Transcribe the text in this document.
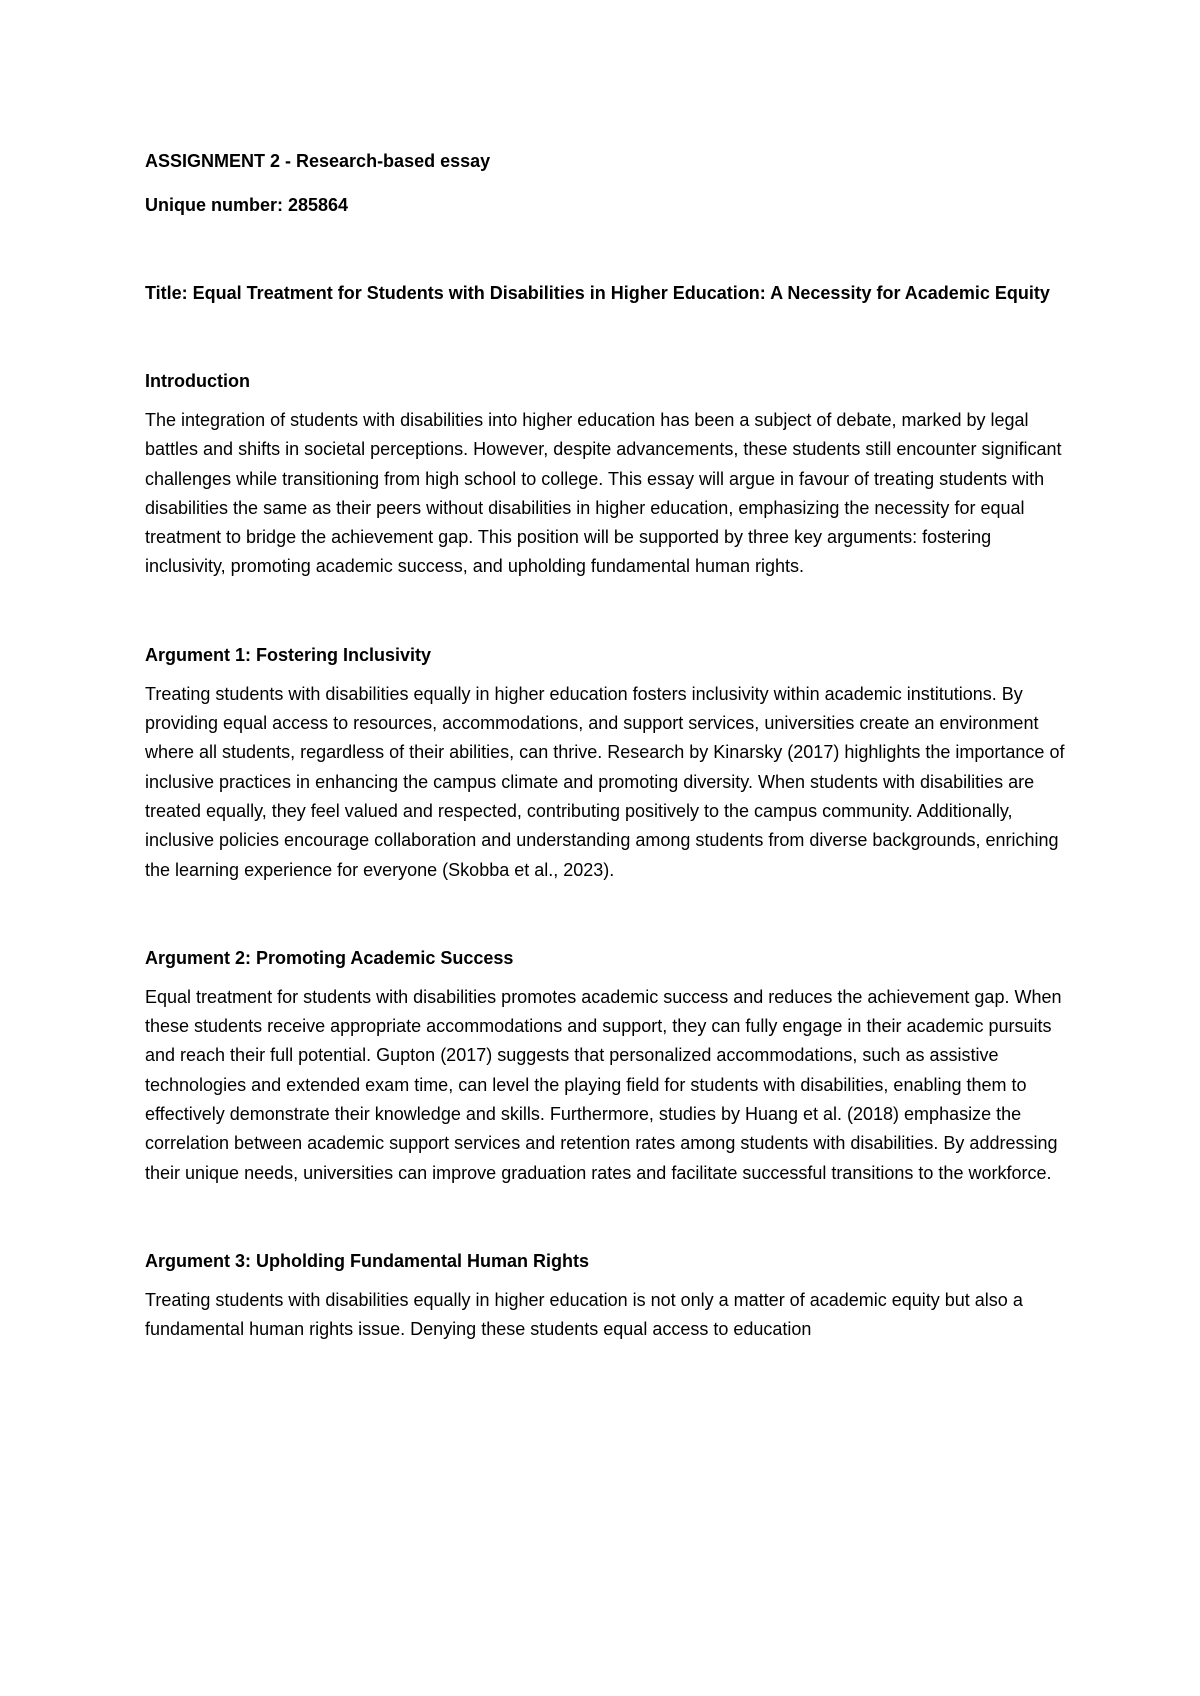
ASSIGNMENT 2 - Research-based essay

Unique number: 285864

Title: Equal Treatment for Students with Disabilities in Higher Education: A Necessity for Academic Equity

Introduction

The integration of students with disabilities into higher education has been a subject of debate, marked by legal battles and shifts in societal perceptions. However, despite advancements, these students still encounter significant challenges while transitioning from high school to college. This essay will argue in favour of treating students with disabilities the same as their peers without disabilities in higher education, emphasizing the necessity for equal treatment to bridge the achievement gap. This position will be supported by three key arguments: fostering inclusivity, promoting academic success, and upholding fundamental human rights.

Argument 1: Fostering Inclusivity

Treating students with disabilities equally in higher education fosters inclusivity within academic institutions. By providing equal access to resources, accommodations, and support services, universities create an environment where all students, regardless of their abilities, can thrive. Research by Kinarsky (2017) highlights the importance of inclusive practices in enhancing the campus climate and promoting diversity. When students with disabilities are treated equally, they feel valued and respected, contributing positively to the campus community. Additionally, inclusive policies encourage collaboration and understanding among students from diverse backgrounds, enriching the learning experience for everyone (Skobba et al., 2023).

Argument 2: Promoting Academic Success

Equal treatment for students with disabilities promotes academic success and reduces the achievement gap. When these students receive appropriate accommodations and support, they can fully engage in their academic pursuits and reach their full potential. Gupton (2017) suggests that personalized accommodations, such as assistive technologies and extended exam time, can level the playing field for students with disabilities, enabling them to effectively demonstrate their knowledge and skills. Furthermore, studies by Huang et al. (2018) emphasize the correlation between academic support services and retention rates among students with disabilities. By addressing their unique needs, universities can improve graduation rates and facilitate successful transitions to the workforce.

Argument 3: Upholding Fundamental Human Rights

Treating students with disabilities equally in higher education is not only a matter of academic equity but also a fundamental human rights issue. Denying these students equal access to education
